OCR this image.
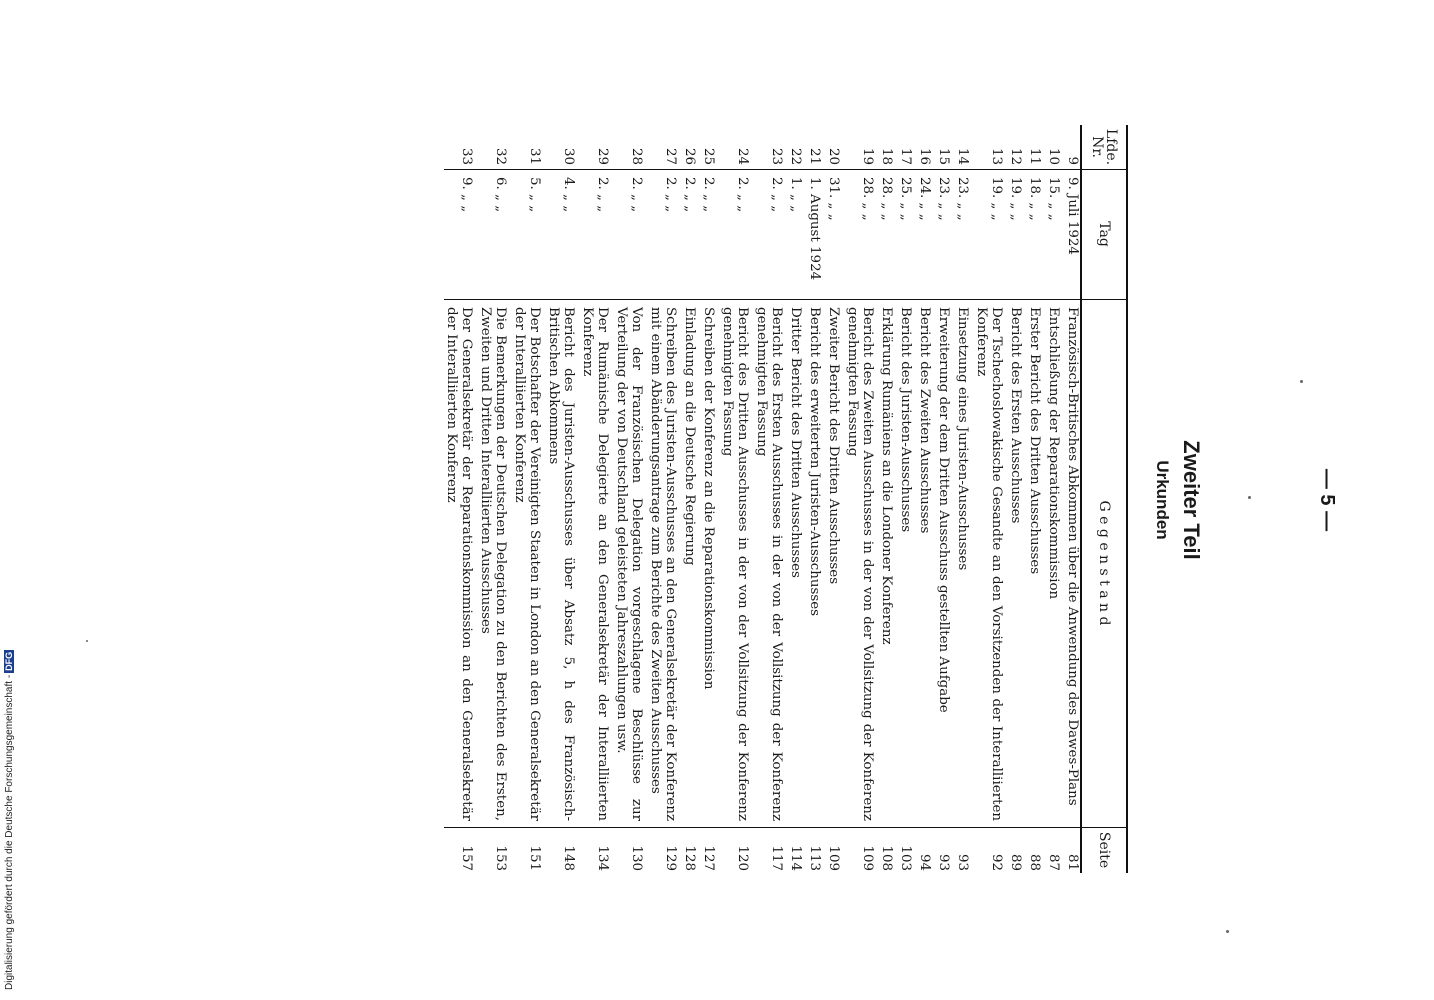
Digitalisierung gefördert durch die Deutsche Forschungsgemeinschaft -DFG
— 5 —
Zweiter Teil
Urkunden
Lfde. Nr.
Tag
G e g e n s t a n d
Seite
9
9. Juli 1924
Französisch-Britisches Abkommen über die Anwendung des Dawes-Plans
81
10
15. „ „
Entschließung der Reparationskommission
87
11
18. „ „
Erster Bericht des Dritten Ausschusses
88
12
19. „ „
Bericht des Ersten Ausschusses
89
13
19. „ „
Der Tschechoslowakische Gesandte an den Vorsitzenden der Interalliierten Konferenz
92
14
23. „ „
Einsetzung eines Juristen-Ausschusses
93
15
23. „ „
Erweiterung der dem Dritten Ausschuss gestellten Aufgabe
93
16
24. „ „
Bericht des Zweiten Ausschusses
94
17
25. „ „
Bericht des Juristen-Ausschusses
103
18
28. „ „
Erklärung Rumäniens an die Londoner Konferenz
108
19
28. „ „
Bericht des Zweiten Ausschusses in der von der Vollsitzung der Konferenz genehmigten Fassung
109
20
31. „ „
Zweiter Bericht des Dritten Ausschusses
109
21
1. August 1924
Bericht des erweiterten Juristen-Ausschusses
113
22
1. „ „
Dritter Bericht des Dritten Ausschusses
114
23
2. „ „
Bericht des Ersten Ausschusses in der von der Vollsitzung der Konferenz genehmigten Fassung
117
24
2. „ „
Bericht des Dritten Ausschusses in der von der Vollsitzung der Konferenz genehmigten Fassung
120
25
2. „ „
Schreiben der Konferenz an die Reparationskommission
127
26
2. „ „
Einladung an die Deutsche Regierung
128
27
2. „ „
Schreiben des Juristen-Ausschusses an den Generalsekretär der Konferenz mit einem Abänderungsantrage zum Berichte des Zweiten Ausschusses
129
28
2. „ „
Von der Französischen Delegation vorgeschlagene Beschlüsse zur Verteilung der von Deutschland geleisteten Jahreszahlungen usw.
130
29
2. „ „
Der Rumänische Delegierte an den Generalsekretär der Interalliierten Konferenz
134
30
4. „ „
Bericht des Juristen-Ausschusses über Absatz 5, h des Französisch-Britischen Abkommens
148
31
5. „ „
Der Botschafter der Vereinigten Staaten in London an den Generalsekretär der Interalliierten Konferenz
151
32
6. „ „
Die Bemerkungen der Deutschen Delegation zu den Berichten des Ersten, Zweiten und Dritten Interalliierten Ausschusses
153
33
9. „ „
Der Generalsekretär der Reparationskommission an den Generalsekretär der Interalliierten Konferenz
157
